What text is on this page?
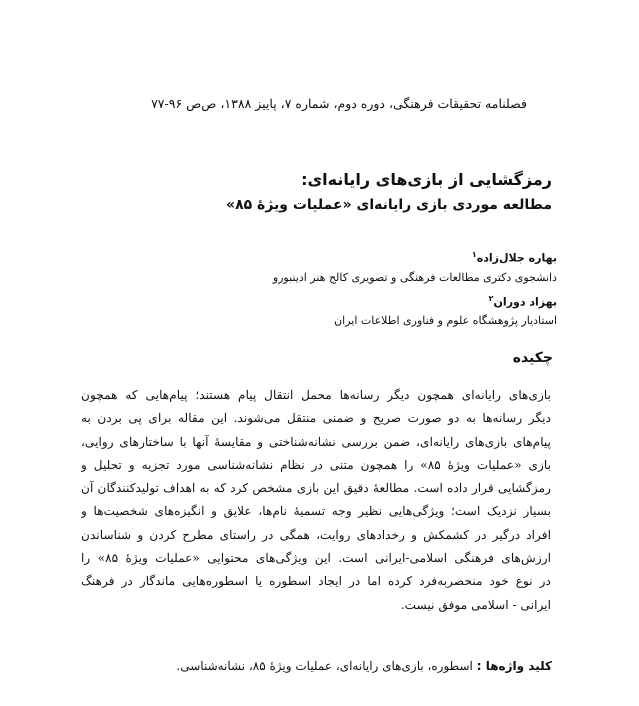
فصلنامه تحقیقات فرهنگی، دوره دوم، شماره ۷، پاییز ۱۳۸۸، ص‌ص ۹۶-۷۷
رمزگشایی از بازی‌های رایانه‌ای:
مطالعه موردی بازی رایانه‌ای «عملیات ویژهٔ ۸۵»
بهاره جلال‌زاده$^۱$
دانشجوی دکتری مطالعات فرهنگی و تصویری کالج هنر ادینبورو
بهزاد دوران$^۲$
استادیار پژوهشگاه علوم و فناوری اطلاعات ایران
چکیده
بازی‌های رایانه‌ای همچون دیگر رسانه‌ها محمل انتقال پیام هستند؛ پیام‌هایی که همچون
دیگر رسانه‌ها به دو صورت صریح و ضمنی منتقل می‌شوند. این مقاله برای پی بردن به
پیام‌های بازی‌های رایانه‌ای، ضمن بررسی نشانه‌شناختی و مقایسهٔ آنها با ساختارهای روایی،
بازی «عملیات ویژهٔ ۸۵» را همچون متنی در نظام نشانه‌شناسی مورد تجزیه و تحلیل و
رمزگشایی قرار داده است. مطالعهٔ دقیق این بازی مشخص کرد که به اهداف تولیدکنندگان آن
بسیار نزدیک است؛ ویژگی‌هایی نظیر وجه تسمیهٔ نام‌ها، علایق و انگیزه‌های شخصیت‌ها و
افراد درگیر در کشمکش و رخدادهای روایت، همگی در راستای مطرح کردن و شناساندن
ارزش‌های فرهنگی اسلامی-ایرانی است. این ویژگی‌های محتوایی «عملیات ویژهٔ ۸۵» را
در نوع خود منحصربه‌فرد کرده اما در ایجاد اسطوره یا اسطوره‌هایی ماندگار در فرهنگ
ایرانی - اسلامی موفق نیست.
کلید واژه‌ها : اسطوره، بازی‌های رایانه‌ای، عملیات ویژهٔ ۸۵، نشانه‌شناسی.
